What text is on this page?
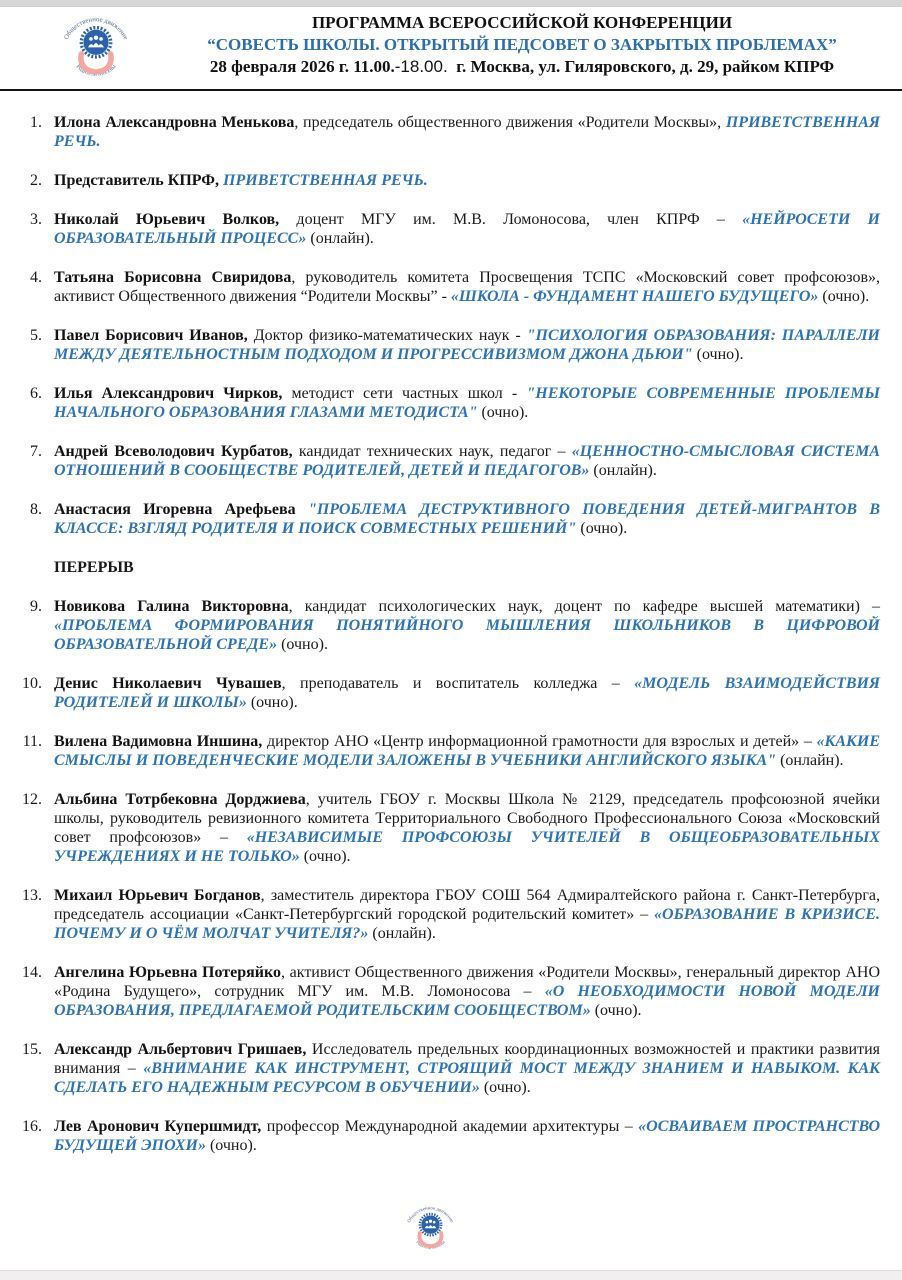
Общественное движение
Родители Москвы
ПРОГРАММА ВСЕРОССИЙСКОЙ КОНФЕРЕНЦИИ
“СОВЕСТЬ ШКОЛЫ. ОТКРЫТЫЙ ПЕДСОВЕТ О ЗАКРЫТЫХ ПРОБЛЕМАХ”
28 февраля 2026 г. 11.00.-18.00.  г. Москва, ул. Гиляровского, д. 29, райком КПРФ
1. Илона Александровна Менькова, председатель общественного движения «Родители Москвы», ПРИВЕТСТВЕННАЯ РЕЧЬ.
2. Представитель КПРФ, ПРИВЕТСТВЕННАЯ РЕЧЬ.
3. Николай Юрьевич Волков, доцент МГУ им. М.В. Ломоносова, член КПРФ – «НЕЙРОСЕТИ И ОБРАЗОВАТЕЛЬНЫЙ ПРОЦЕСС» (онлайн).
4. Татьяна Борисовна Свиридова, руководитель комитета Просвещения ТСПС «Московский совет профсоюзов», активист Общественного движения “Родители Москвы” - «ШКОЛА - ФУНДАМЕНТ НАШЕГО БУДУЩЕГО» (очно).
5. Павел Борисович Иванов, Доктор физико-математических наук - "ПСИХОЛОГИЯ ОБРАЗОВАНИЯ: ПАРАЛЛЕЛИ МЕЖДУ ДЕЯТЕЛЬНОСТНЫМ ПОДХОДОМ И ПРОГРЕССИВИЗМОМ ДЖОНА ДЬЮИ" (очно).
6. Илья Александрович Чирков, методист сети частных школ - "НЕКОТОРЫЕ СОВРЕМЕННЫЕ ПРОБЛЕМЫ НАЧАЛЬНОГО ОБРАЗОВАНИЯ ГЛАЗАМИ МЕТОДИСТА" (очно).
7. Андрей Всеволодович Курбатов, кандидат технических наук, педагог – «ЦЕННОСТНО-СМЫСЛОВАЯ СИСТЕМА ОТНОШЕНИЙ В СООБЩЕСТВЕ РОДИТЕЛЕЙ, ДЕТЕЙ И ПЕДАГОГОВ» (онлайн).
8. Анастасия Игоревна Арефьева "ПРОБЛЕМА ДЕСТРУКТИВНОГО ПОВЕДЕНИЯ ДЕТЕЙ-МИГРАНТОВ В КЛАССЕ: ВЗГЛЯД РОДИТЕЛЯ И ПОИСК СОВМЕСТНЫХ РЕШЕНИЙ" (очно).

ПЕРЕРЫВ

9. Новикова Галина Викторовна, кандидат психологических наук, доцент по кафедре высшей математики) – «ПРОБЛЕМА ФОРМИРОВАНИЯ ПОНЯТИЙНОГО МЫШЛЕНИЯ ШКОЛЬНИКОВ В ЦИФРОВОЙ ОБРАЗОВАТЕЛЬНОЙ СРЕДЕ» (очно).
10. Денис Николаевич Чувашев, преподаватель и воспитатель колледжа – «МОДЕЛЬ ВЗАИМОДЕЙСТВИЯ РОДИТЕЛЕЙ И ШКОЛЫ» (очно).
11. Вилена Вадимовна Иншина, директор АНО «Центр информационной грамотности для взрослых и детей» – «КАКИЕ СМЫСЛЫ И ПОВЕДЕНЧЕСКИЕ МОДЕЛИ ЗАЛОЖЕНЫ В УЧЕБНИКИ АНГЛИЙСКОГО ЯЗЫКА" (онлайн).
12. Альбина Тотрбековна Дорджиева, учитель ГБОУ г. Москвы Школа № 2129, председатель профсоюзной ячейки школы, руководитель ревизионного комитета Территориального Свободного Профессионального Союза «Московский совет профсоюзов» – «НЕЗАВИСИМЫЕ ПРОФСОЮЗЫ УЧИТЕЛЕЙ В ОБЩЕОБРАЗОВАТЕЛЬНЫХ УЧРЕЖДЕНИЯХ И НЕ ТОЛЬКО» (очно).
13. Михаил Юрьевич Богданов, заместитель директора ГБОУ СОШ 564 Адмиралтейского района г. Санкт-Петербурга, председатель ассоциации «Санкт-Петербургский городской родительский комитет» – «ОБРАЗОВАНИЕ В КРИЗИСЕ. ПОЧЕМУ И О ЧЁМ МОЛЧАТ УЧИТЕЛЯ?» (онлайн).
14. Ангелина Юрьевна Потеряйко, активист Общественного движения «Родители Москвы», генеральный директор АНО «Родина Будущего», сотрудник МГУ им. М.В. Ломоносова – «О НЕОБХОДИМОСТИ НОВОЙ МОДЕЛИ ОБРАЗОВАНИЯ, ПРЕДЛАГАЕМОЙ РОДИТЕЛЬСКИМ СООБЩЕСТВОМ» (очно).
15. Александр Альбертович Гришаев, Исследователь предельных координационных возможностей и практики развития внимания – «ВНИМАНИЕ КАК ИНСТРУМЕНТ, СТРОЯЩИЙ МОСТ МЕЖДУ ЗНАНИЕМ И НАВЫКОМ. КАК СДЕЛАТЬ ЕГО НАДЕЖНЫМ РЕСУРСОМ В ОБУЧЕНИИ» (очно).
16. Лев Аронович Купершмидт, профессор Международной академии архитектуры – «ОСВАИВАЕМ ПРОСТРАНСТВО БУДУЩЕЙ ЭПОХИ» (очно).
Общественное движение
Родители Москвы
